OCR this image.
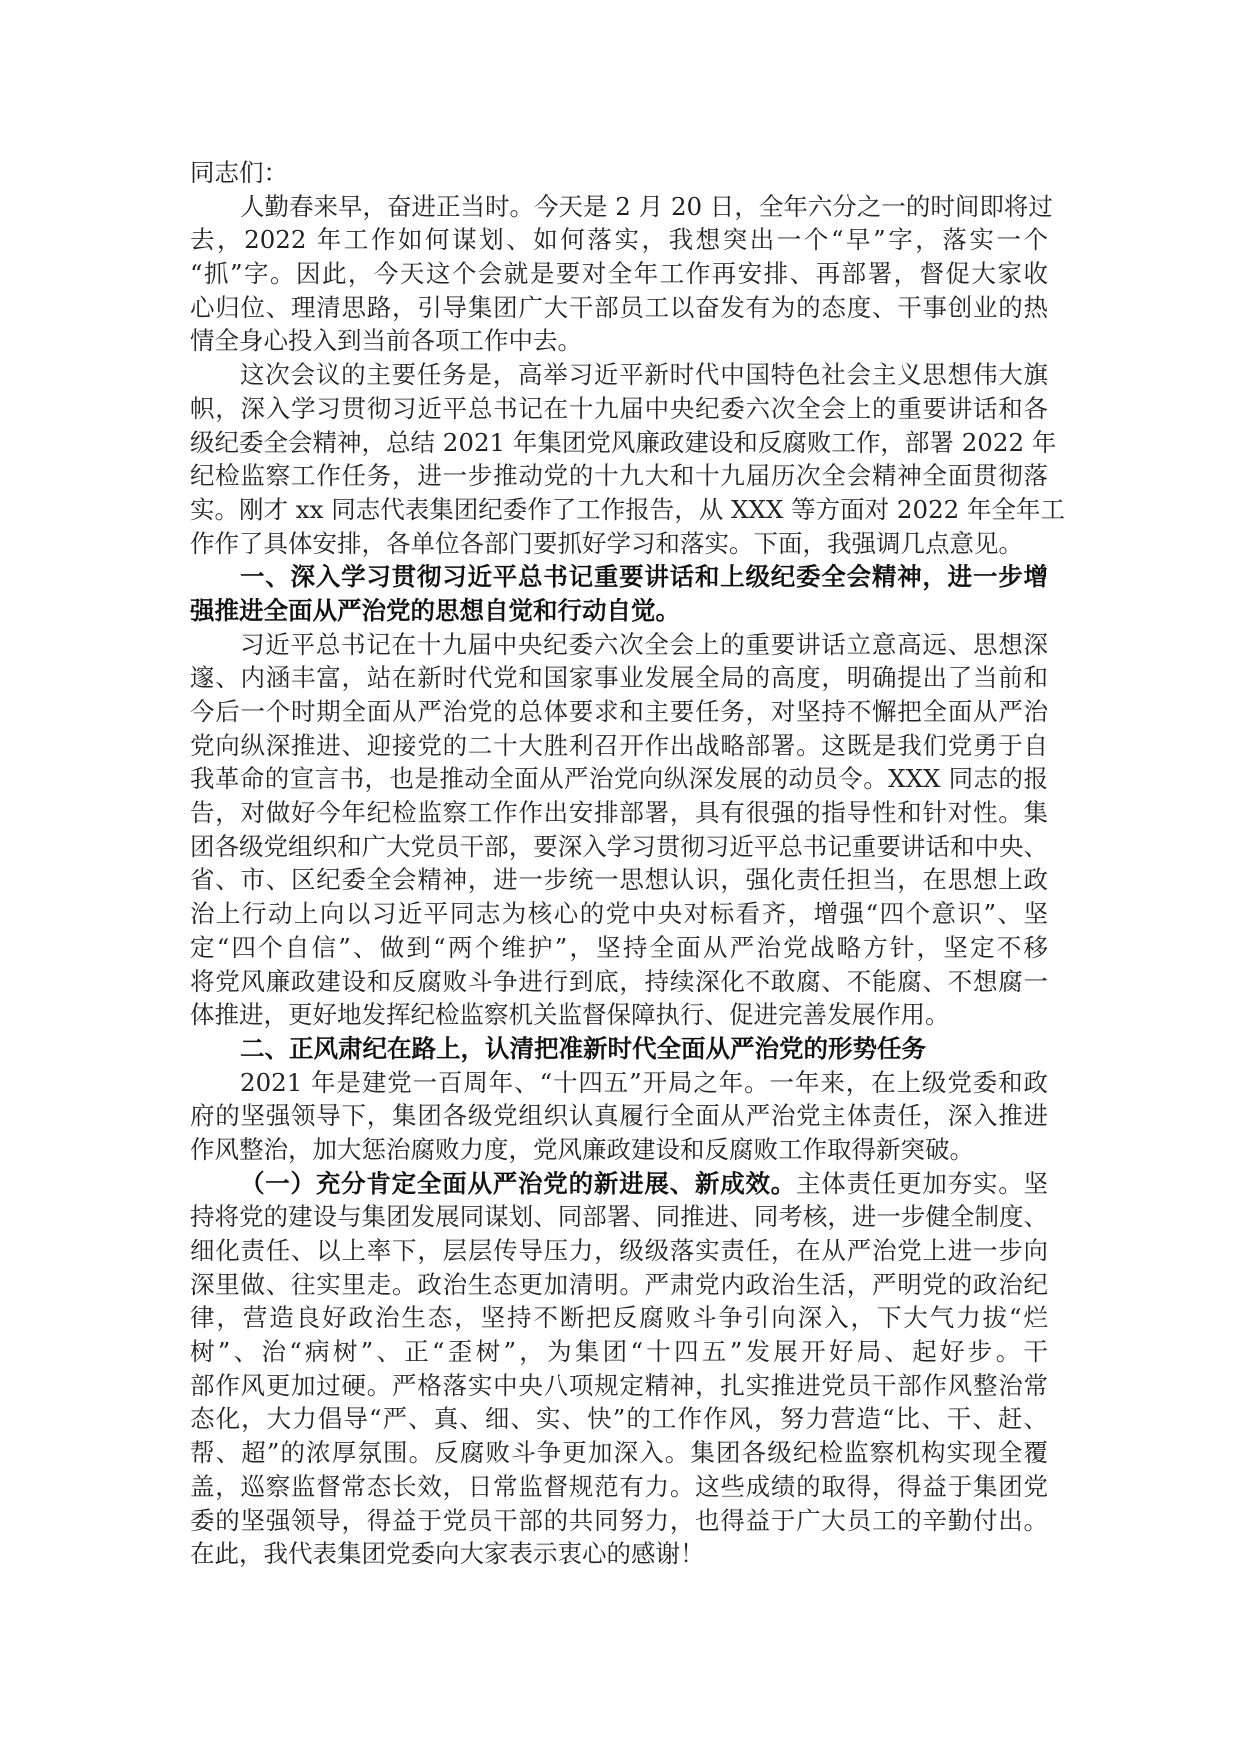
同志们：
人勤春来早，奋进正当时。今天是 2 月 20 日，全年六分之一的时间即将过
去，2022 年工作如何谋划、如何落实，我想突出一个“早”字，落实一个
“抓”字。因此，今天这个会就是要对全年工作再安排、再部署，督促大家收
心归位、理清思路，引导集团广大干部员工以奋发有为的态度、干事创业的热
情全身心投入到当前各项工作中去。
这次会议的主要任务是，高举习近平新时代中国特色社会主义思想伟大旗
帜，深入学习贯彻习近平总书记在十九届中央纪委六次全会上的重要讲话和各
级纪委全会精神，总结 2021 年集团党风廉政建设和反腐败工作，部署 2022 年
纪检监察工作任务，进一步推动党的十九大和十九届历次全会精神全面贯彻落
实。刚才 xx 同志代表集团纪委作了工作报告，从 XXX 等方面对 2022 年全年工
作作了具体安排，各单位各部门要抓好学习和落实。下面，我强调几点意见。
一、深入学习贯彻习近平总书记重要讲话和上级纪委全会精神，进一步增
强推进全面从严治党的思想自觉和行动自觉。
习近平总书记在十九届中央纪委六次全会上的重要讲话立意高远、思想深
邃、内涵丰富，站在新时代党和国家事业发展全局的高度，明确提出了当前和
今后一个时期全面从严治党的总体要求和主要任务，对坚持不懈把全面从严治
党向纵深推进、迎接党的二十大胜利召开作出战略部署。这既是我们党勇于自
我革命的宣言书，也是推动全面从严治党向纵深发展的动员令。XXX 同志的报
告，对做好今年纪检监察工作作出安排部署，具有很强的指导性和针对性。集
团各级党组织和广大党员干部，要深入学习贯彻习近平总书记重要讲话和中央、
省、市、区纪委全会精神，进一步统一思想认识，强化责任担当，在思想上政
治上行动上向以习近平同志为核心的党中央对标看齐，增强“四个意识”、坚
定“四个自信”、做到“两个维护”，坚持全面从严治党战略方针，坚定不移
将党风廉政建设和反腐败斗争进行到底，持续深化不敢腐、不能腐、不想腐一
体推进，更好地发挥纪检监察机关监督保障执行、促进完善发展作用。
二、正风肃纪在路上，认清把准新时代全面从严治党的形势任务
2021 年是建党一百周年、“十四五”开局之年。一年来，在上级党委和政
府的坚强领导下，集团各级党组织认真履行全面从严治党主体责任，深入推进
作风整治，加大惩治腐败力度，党风廉政建设和反腐败工作取得新突破。
（一）充分肯定全面从严治党的新进展、新成效。主体责任更加夯实。坚
持将党的建设与集团发展同谋划、同部署、同推进、同考核，进一步健全制度、
细化责任、以上率下，层层传导压力，级级落实责任，在从严治党上进一步向
深里做、往实里走。政治生态更加清明。严肃党内政治生活，严明党的政治纪
律，营造良好政治生态，坚持不断把反腐败斗争引向深入，下大气力拔“烂
树”、治“病树”、正“歪树”，为集团“十四五”发展开好局、起好步。干
部作风更加过硬。严格落实中央八项规定精神，扎实推进党员干部作风整治常
态化，大力倡导“严、真、细、实、快”的工作作风，努力营造“比、干、赶、
帮、超”的浓厚氛围。反腐败斗争更加深入。集团各级纪检监察机构实现全覆
盖，巡察监督常态长效，日常监督规范有力。这些成绩的取得，得益于集团党
委的坚强领导，得益于党员干部的共同努力，也得益于广大员工的辛勤付出。
在此，我代表集团党委向大家表示衷心的感谢！
